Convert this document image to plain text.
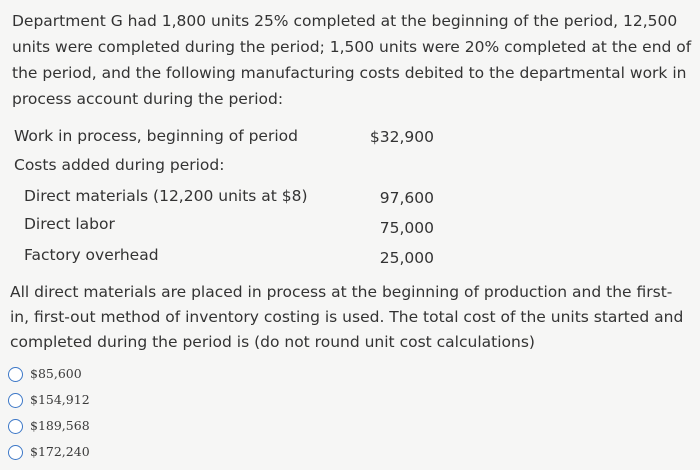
Department G had 1,800 units 25% completed at the beginning of the period, 12,500 units were completed during the period; 1,500 units were 20% completed at the end of the period, and the following manufacturing costs debited to the departmental work in process account during the period:
Work in process, beginning of period	$32,900
Costs added during period:
Direct materials (12,200 units at $8)	97,600
Direct labor	75,000
Factory overhead	25,000
All direct materials are placed in process at the beginning of production and the first-in, first-out method of inventory costing is used. The total cost of the units started and completed during the period is (do not round unit cost calculations)
$85,600
$154,912
$189,568
$172,240
